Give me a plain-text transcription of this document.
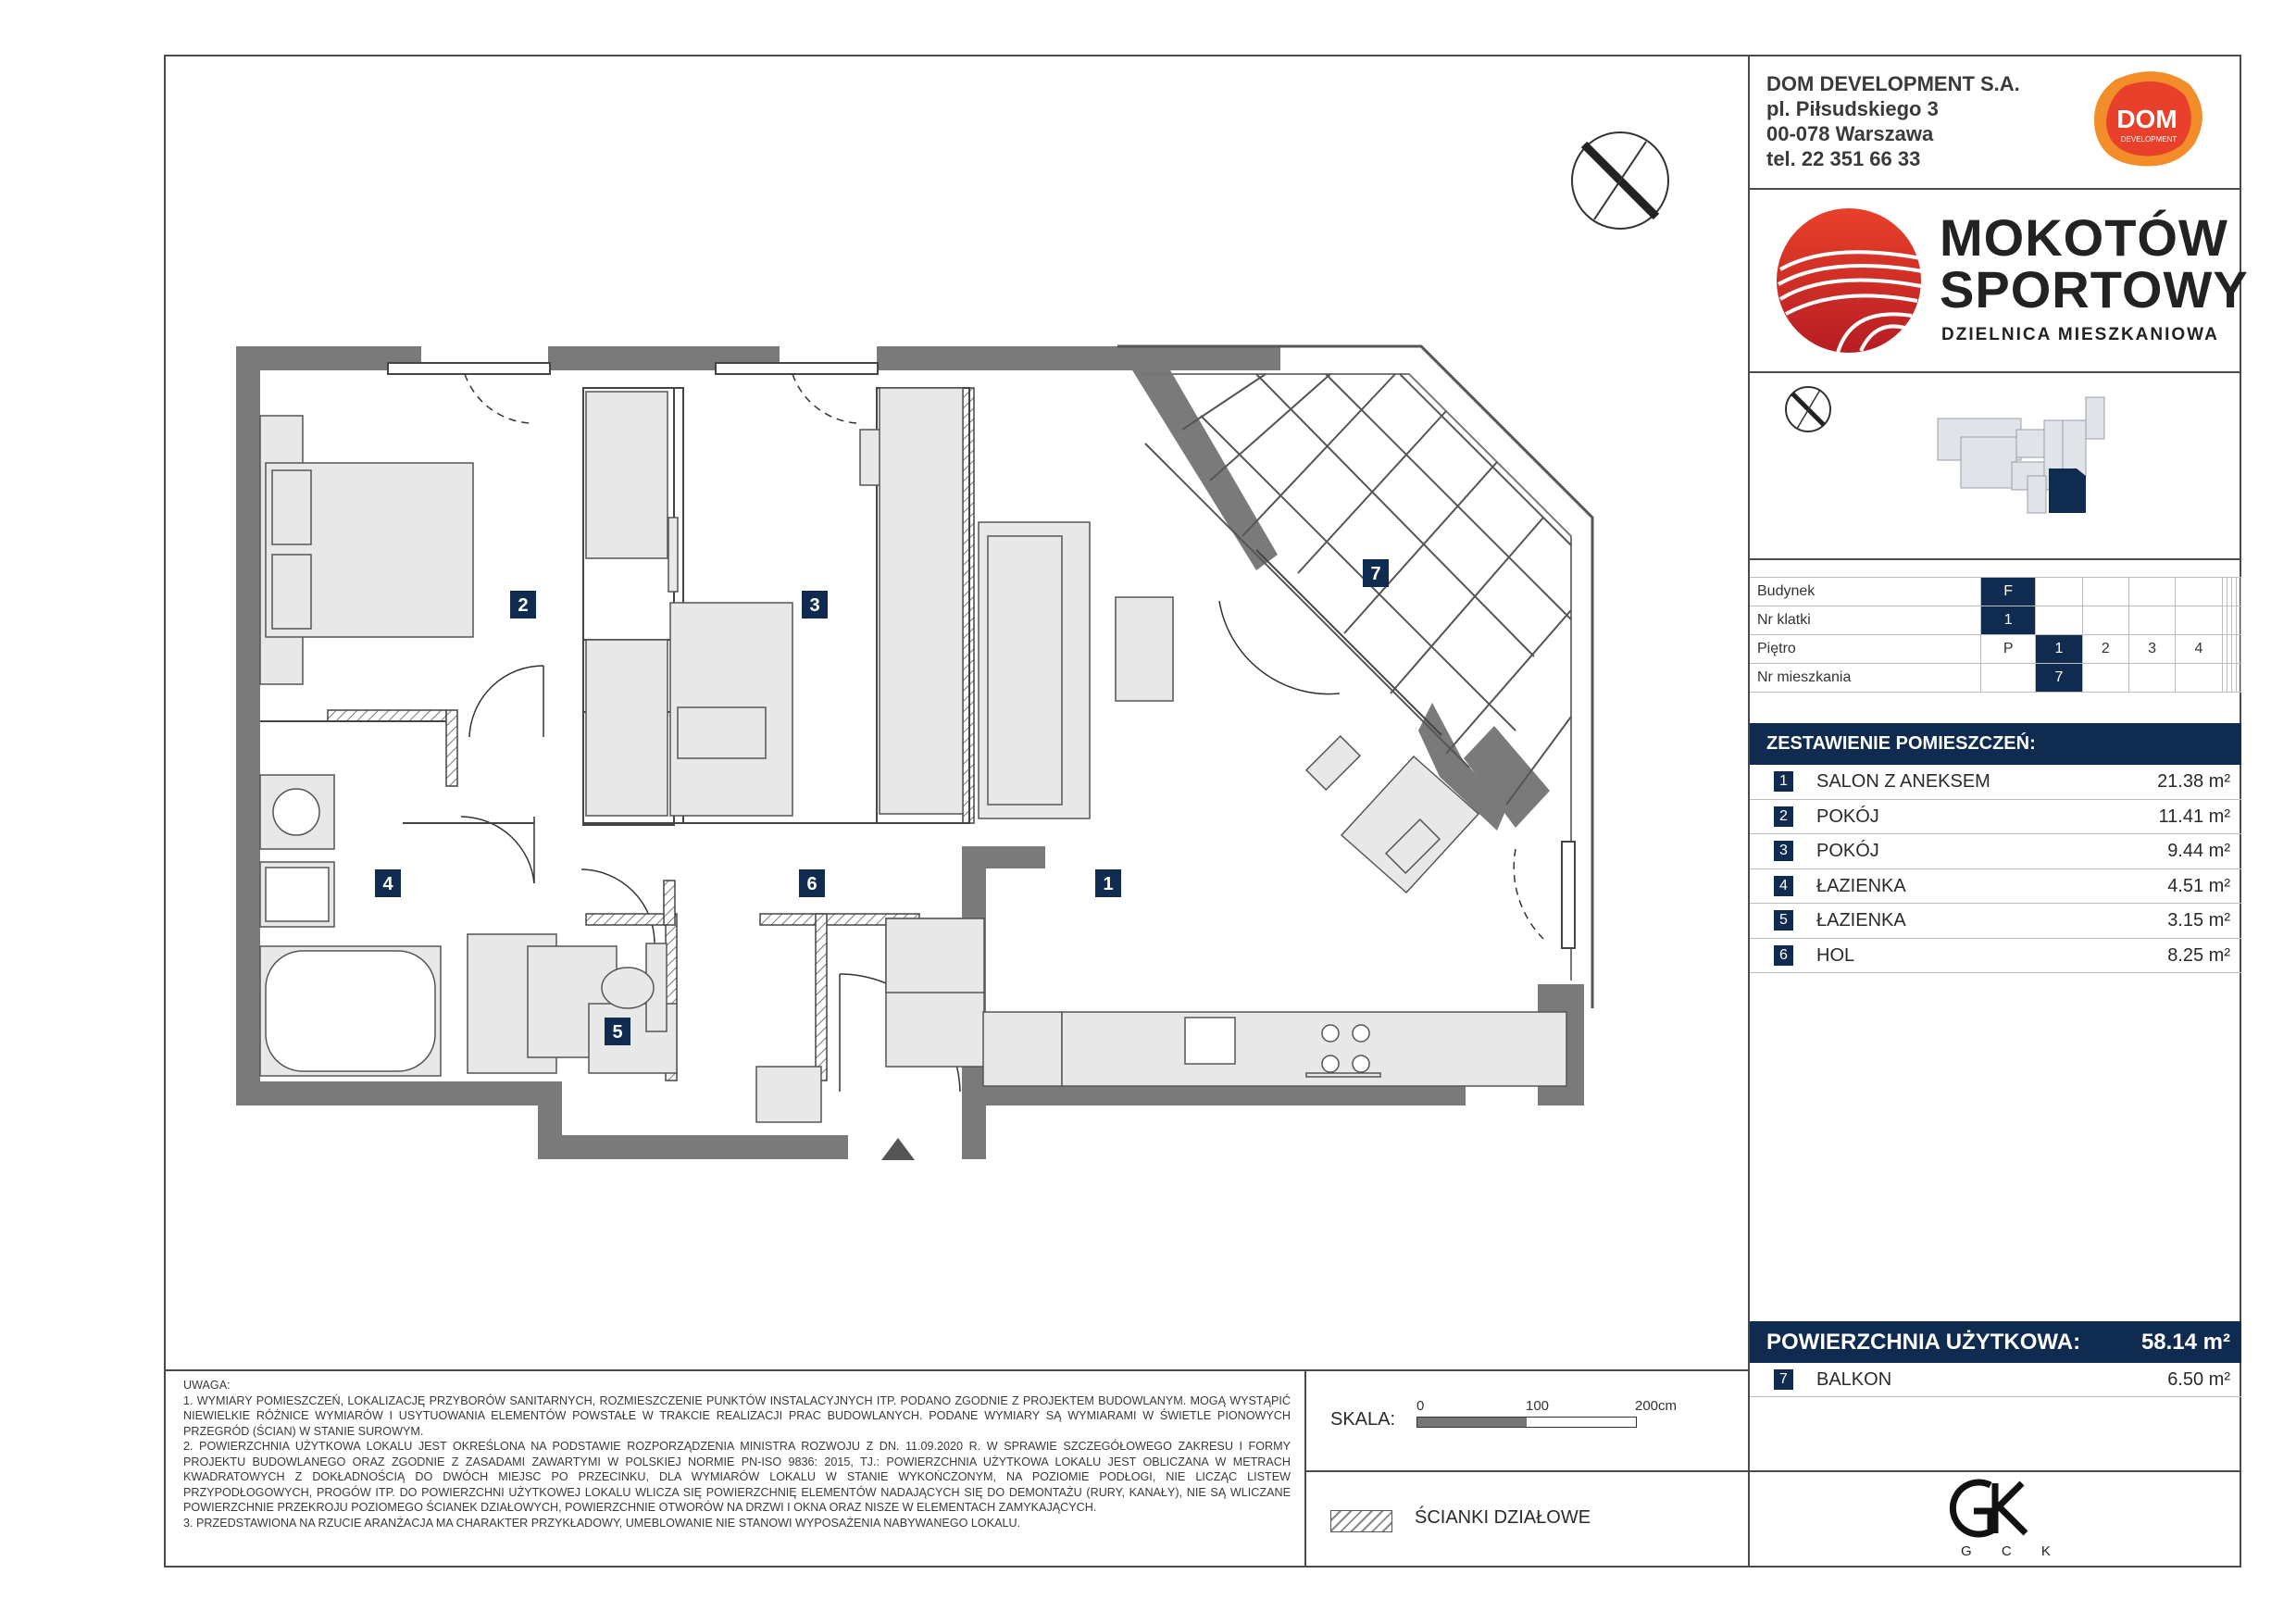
1
2	3
4
5
6
7

UWAGA:

1. WYMIARY POMIESZCZEŃ, LOKALIZACJĘ PRZYBORÓW SANITARNYCH, ROZMIESZCZENIE PUNKTÓW INSTALACYJNYCH ITP. PODANO ZGODNIE Z PROJEKTEM BUDOWLANYM. MOGĄ WYSTĄPIĆ NIEWIELKIE RÓŻNICE WYMIARÓW I USYTUOWANIA ELEMENTÓW POWSTAŁE W TRAKCIE REALIZACJI PRAC BUDOWLANYCH. PODANE WYMIARY SĄ WYMIARAMI W ŚWIETLE PIONOWYCH PRZEGRÓD (ŚCIAN) W STANIE SUROWYM.

2. POWIERZCHNIA UŻYTKOWA LOKALU JEST OKREŚLONA NA PODSTAWIE ROZPORZĄDZENIA MINISTRA ROZWOJU Z DN. 11.09.2020 R. W SPRAWIE SZCZEGÓŁOWEGO ZAKRESU I FORMY PROJEKTU BUDOWLANEGO ORAZ ZGODNIE Z ZASADAMI ZAWARTYMI W POLSKIEJ NORMIE PN-ISO 9836: 2015, TJ.: POWIERZCHNIA UŻYTKOWA LOKALU JEST OBLICZANA W METRACH KWADRATOWYCH Z DOKŁADNOŚCIĄ DO DWÓCH MIEJSC PO PRZECINKU, DLA WYMIARÓW LOKALU W STANIE WYKOŃCZONYM, NA POZIOMIE PODŁOGI, NIE LICZĄC LISTEW PRZYPODŁOGOWYCH, PROGÓW ITP. DO POWIERZCHNI UŻYTKOWEJ LOKALU WLICZA SIĘ POWIERZCHNIĘ ELEMENTÓW NADAJĄCYCH SIĘ DO DEMONTAŻU (RURY, KANAŁY), NIE SĄ WLICZANE POWIERZCHNIE PRZEKROJU POZIOMEGO ŚCIANEK DZIAŁOWYCH, POWIERZCHNIE OTWORÓW NA DRZWI I OKNA ORAZ NISZE W ELEMENTACH ZAMYKAJĄCYCH.

3. PRZEDSTAWIONA NA RZUCIE ARANŻACJA MA CHARAKTER PRZYKŁADOWY, UMEBLOWANIE NIE STANOWI WYPOSAŻENIA NABYWANEGO LOKALU.

SKALA:
0	100	200cm
ŚCIANKI DZIAŁOWE
DOM DEVELOPMENT S.A.
pl. Piłsudskiego 3
00-078 Warszawa
tel. 22 351 66 33
DOM
DEVELOPMENT
MOKOTÓW
SPORTOWY
DZIELNICA MIESZKANIOWA
Budynek	F								
Nr klatki	1								
Piętro	P	1	2	3	4				
Nr mieszkania		7							
ZESTAWIENIE POMIESZCZEŃ:
1	SALON Z ANEKSEM	21.38 m²
2	POKÓJ	11.41 m²
3	POKÓJ	9.44 m²
4	ŁAZIENKA	4.51 m²
5	ŁAZIENKA	3.15 m²
6	HOL	8.25 m²
POWIERZCHNIA UŻYTKOWA:	58.14 m²
7	BALKON	6.50 m²
G C K
